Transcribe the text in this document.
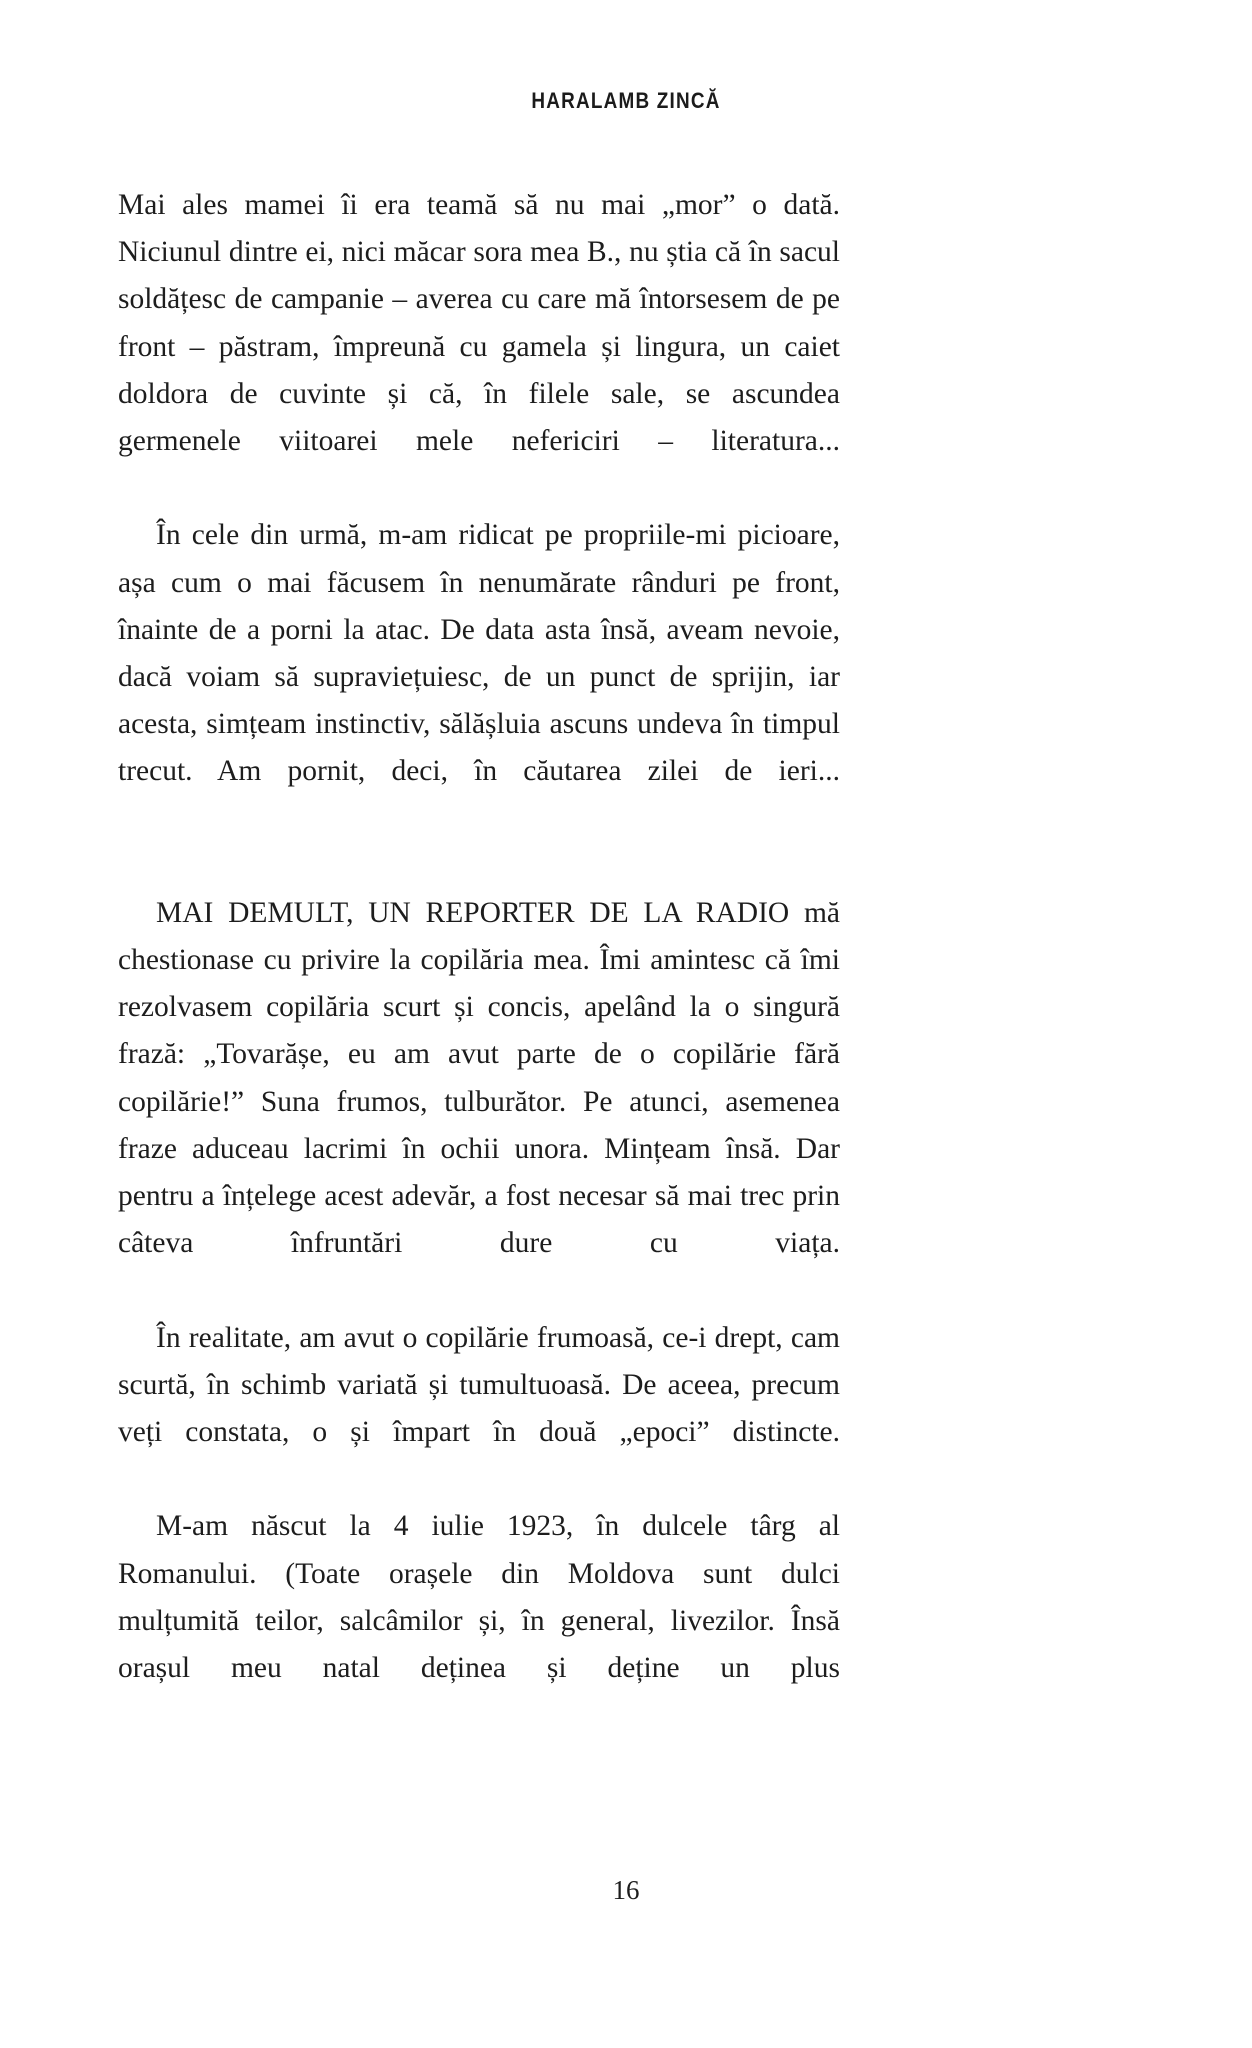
HARALAMB ZINCĂ

Mai ales mamei îi era teamă să nu mai „mor” o dată. Niciunul dintre ei, nici măcar sora mea B., nu știa că în sacul soldățesc de campanie – averea cu care mă întorsesem de pe front – păstram, împreună cu gamela și lingura, un caiet doldora de cuvinte și că, în filele sale, se ascundea germenele viitoarei mele nefericiri – literatura...

În cele din urmă, m-am ridicat pe propriile-mi picioare, așa cum o mai făcusem în nenumărate rânduri pe front, înainte de a porni la atac. De data asta însă, aveam nevoie, dacă voiam să supraviețuiesc, de un punct de sprijin, iar acesta, simțeam instinctiv, sălășluia ascuns undeva în timpul trecut. Am pornit, deci, în căutarea zilei de ieri...

MAI DEMULT, UN REPORTER DE LA RADIO mă chestionase cu privire la copilăria mea. Îmi amintesc că îmi rezolvasem copilăria scurt și concis, apelând la o singură frază: „Tovarășe, eu am avut parte de o copilărie fără copilărie!” Suna frumos, tulburător. Pe atunci, asemenea fraze aduceau lacrimi în ochii unora. Mințeam însă. Dar pentru a înțelege acest adevăr, a fost necesar să mai trec prin câteva înfruntări dure cu viața.

În realitate, am avut o copilărie frumoasă, ce-i drept, cam scurtă, în schimb variată și tumultuoasă. De aceea, precum veți constata, o și împart în două „epoci” distincte.

M-am născut la 4 iulie 1923, în dulcele târg al Romanului. (Toate orașele din Moldova sunt dulci mulțumită teilor, salcâmilor și, în general, livezilor. Însă orașul meu natal deținea și deține un plus

16
